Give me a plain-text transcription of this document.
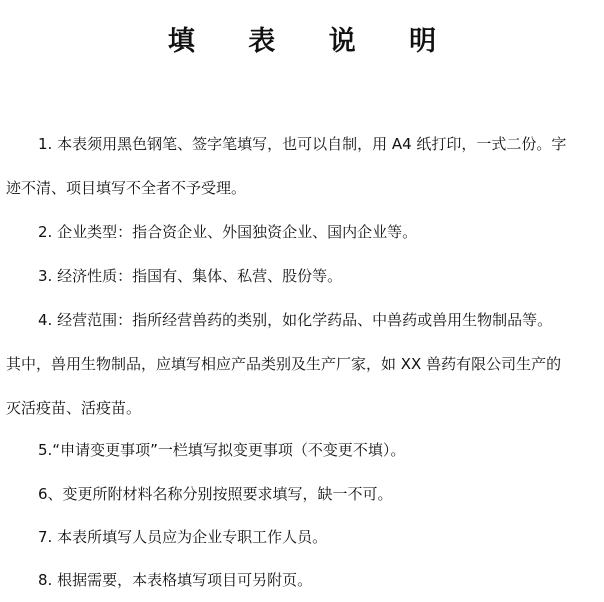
填 表 说 明
1. 本表须用黑色钢笔、签字笔填写，也可以自制，用 A4 纸打印，一式二份。字
迹不清、项目填写不全者不予受理。
2. 企业类型：指合资企业、外国独资企业、国内企业等。
3. 经济性质：指国有、集体、私营、股份等。
4. 经营范围：指所经营兽药的类别，如化学药品、中兽药或兽用生物制品等。
其中，兽用生物制品，应填写相应产品类别及生产厂家，如 XX 兽药有限公司生产的
灭活疫苗、活疫苗。
5.“申请变更事项”一栏填写拟变更事项（不变更不填）。
6、变更所附材料名称分别按照要求填写，缺一不可。
7. 本表所填写人员应为企业专职工作人员。
8. 根据需要，本表格填写项目可另附页。
